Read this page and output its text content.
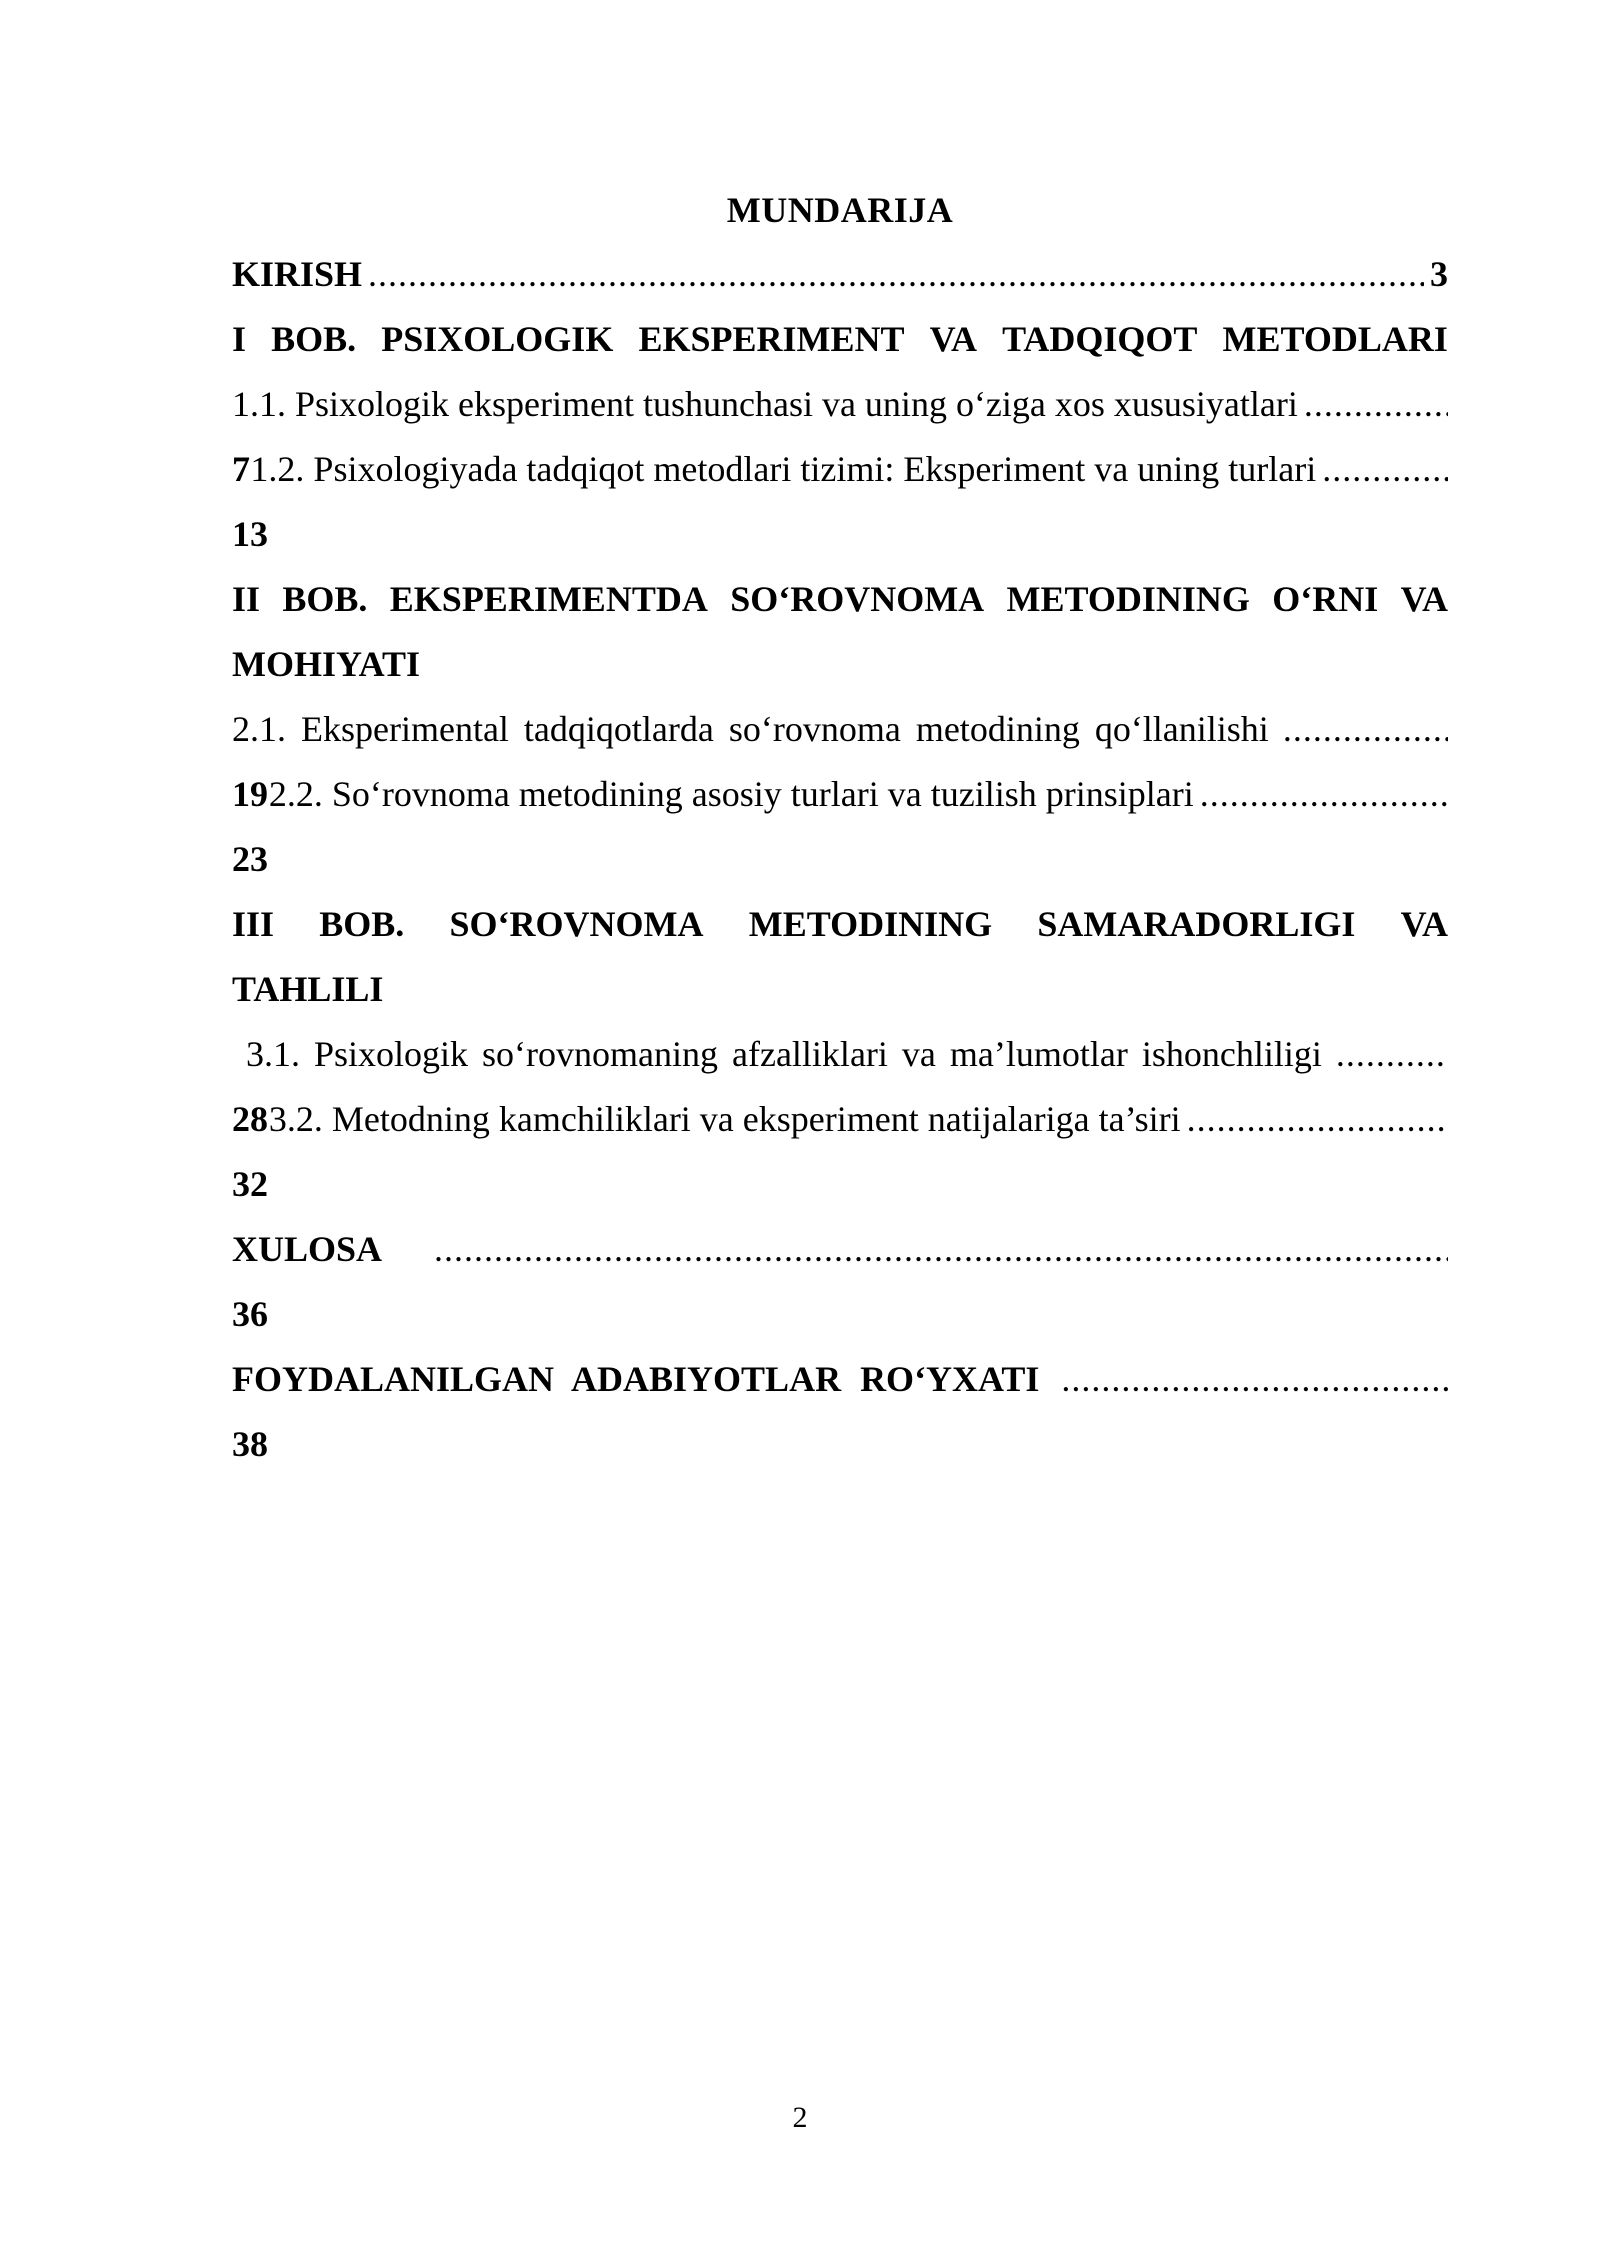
MUNDARIJA
KIRISH
.....	3
I BOB. PSIXOLOGIK EKSPERIMENT VA TADQIQOT METODLARI
1.1. Psixologik eksperiment tushunchasi va uning o‘ziga xos xususiyatlari
.....
7 1.2. Psixologiyada tadqiqot metodlari tizimi: Eksperiment va uning turlari
.....
13
II BOB. EKSPERIMENTDA SO‘ROVNOMA METODINING O‘RNI VA
MOHIYATI
2.1. Eksperimental tadqiqotlarda so‘rovnoma metodining qo‘llanilishi
.....
19 2.2. So‘rovnoma metodining asosiy turlari va tuzilish prinsiplari
.....
23
III BOB. SO‘ROVNOMA METODINING SAMARADORLIGI VA
TAHLILI
3.1. Psixologik so‘rovnomaning afzalliklari va ma’lumotlar ishonchliligi
.....
28 3.2. Metodning kamchiliklari va eksperiment natijalariga ta’siri
.....
32
XULOSA
.....
36
FOYDALANILGAN ADABIYOTLAR RO‘YXATI
.....
38
2
